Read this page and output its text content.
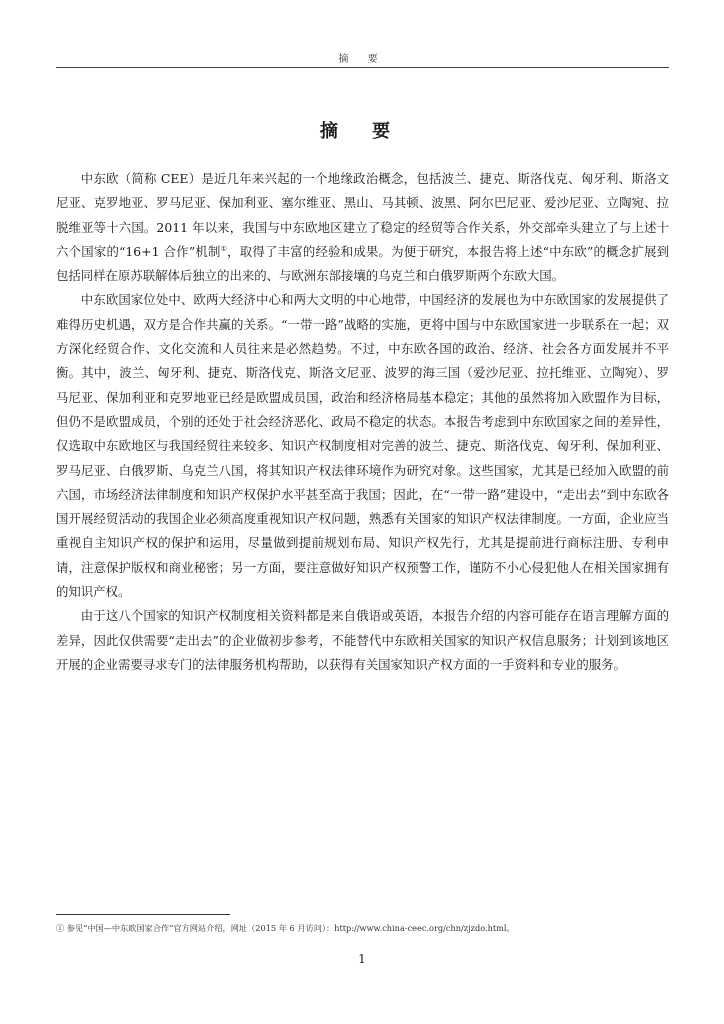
摘 要
摘 要

中东欧（简称 CEE）是近几年来兴起的一个地缘政治概念，包括波兰、捷克、斯洛伐克、匈牙利、斯洛文尼亚、克罗地亚、罗马尼亚、保加利亚、塞尔维亚、黑山、马其顿、波黑、阿尔巴尼亚、爱沙尼亚、立陶宛、拉脱维亚等十六国。2011 年以来，我国与中东欧地区建立了稳定的经贸等合作关系，外交部牵头建立了与上述十六个国家的“16+1 合作”机制①，取得了丰富的经验和成果。为便于研究，本报告将上述“中东欧”的概念扩展到包括同样在原苏联解体后独立的出来的、与欧洲东部接壤的乌克兰和白俄罗斯两个东欧大国。

中东欧国家位处中、欧两大经济中心和两大文明的中心地带，中国经济的发展也为中东欧国家的发展提供了难得历史机遇，双方是合作共赢的关系。“一带一路”战略的实施，更将中国与中东欧国家进一步联系在一起；双方深化经贸合作、文化交流和人员往来是必然趋势。不过，中东欧各国的政治、经济、社会各方面发展并不平衡。其中，波兰、匈牙利、捷克、斯洛伐克、斯洛文尼亚、波罗的海三国（爱沙尼亚、拉托维亚、立陶宛）、罗马尼亚、保加利亚和克罗地亚已经是欧盟成员国，政治和经济格局基本稳定；其他的虽然将加入欧盟作为目标，但仍不是欧盟成员，个别的还处于社会经济恶化、政局不稳定的状态。本报告考虑到中东欧国家之间的差异性，仅选取中东欧地区与我国经贸往来较多、知识产权制度相对完善的波兰、捷克、斯洛伐克、匈牙利、保加利亚、罗马尼亚、白俄罗斯、乌克兰八国，将其知识产权法律环境作为研究对象。这些国家，尤其是已经加入欧盟的前六国，市场经济法律制度和知识产权保护水平甚至高于我国；因此，在“一带一路”建设中，“走出去”到中东欧各国开展经贸活动的我国企业必须高度重视知识产权问题，熟悉有关国家的知识产权法律制度。一方面，企业应当重视自主知识产权的保护和运用，尽量做到提前规划布局、知识产权先行，尤其是提前进行商标注册、专利申请，注意保护版权和商业秘密；另一方面，要注意做好知识产权预警工作，谨防不小心侵犯他人在相关国家拥有的知识产权。

由于这八个国家的知识产权制度相关资料都是来自俄语或英语，本报告介绍的内容可能存在语言理解方面的差异，因此仅供需要“走出去”的企业做初步参考，不能替代中东欧相关国家的知识产权信息服务；计划到该地区开展的企业需要寻求专门的法律服务机构帮助，以获得有关国家知识产权方面的一手资料和专业的服务。

① 参见“中国—中东欧国家合作”官方网站介绍，网址（2015 年 6 月访问）：http://www.china-ceec.org/chn/zjzdo.html。
1
